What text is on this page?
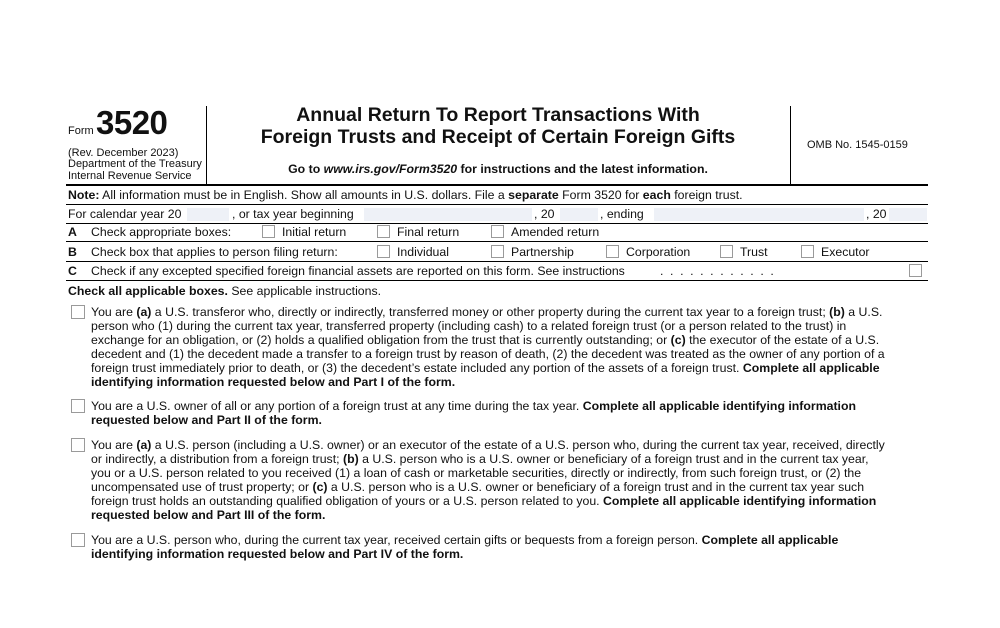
Form 3520
(Rev. December 2023)
Department of the Treasury
Internal Revenue Service
Annual Return To Report Transactions With
Foreign Trusts and Receipt of Certain Foreign Gifts
Go to www.irs.gov/Form3520 for instructions and the latest information.
OMB No. 1545-0159
Note: All information must be in English. Show all amounts in U.S. dollars. File a separate Form 3520 for each foreign trust.
For calendar year 20	, or tax year beginning	, 20	, ending	, 20
A Check appropriate boxes:	Initial return	Final return	Amended return
B Check box that applies to person filing return:	Individual	Partnership	Corporation	Trust	Executor
C Check if any excepted specified foreign financial assets are reported on this form. See instructions	. . . . . . . . . . . .
Check all applicable boxes. See applicable instructions.
You are (a) a U.S. transferor who, directly or indirectly, transferred money or other property during the current tax year to a foreign trust; (b) a U.S.
person who (1) during the current tax year, transferred property (including cash) to a related foreign trust (or a person related to the trust) in
exchange for an obligation, or (2) holds a qualified obligation from the trust that is currently outstanding; or (c) the executor of the estate of a U.S.
decedent and (1) the decedent made a transfer to a foreign trust by reason of death, (2) the decedent was treated as the owner of any portion of a
foreign trust immediately prior to death, or (3) the decedent’s estate included any portion of the assets of a foreign trust. Complete all applicable
identifying information requested below and Part I of the form.
You are a U.S. owner of all or any portion of a foreign trust at any time during the tax year. Complete all applicable identifying information
requested below and Part II of the form.
You are (a) a U.S. person (including a U.S. owner) or an executor of the estate of a U.S. person who, during the current tax year, received, directly
or indirectly, a distribution from a foreign trust; (b) a U.S. person who is a U.S. owner or beneficiary of a foreign trust and in the current tax year,
you or a U.S. person related to you received (1) a loan of cash or marketable securities, directly or indirectly, from such foreign trust, or (2) the
uncompensated use of trust property; or (c) a U.S. person who is a U.S. owner or beneficiary of a foreign trust and in the current tax year such
foreign trust holds an outstanding qualified obligation of yours or a U.S. person related to you. Complete all applicable identifying information
requested below and Part III of the form.
You are a U.S. person who, during the current tax year, received certain gifts or bequests from a foreign person. Complete all applicable
identifying information requested below and Part IV of the form.
